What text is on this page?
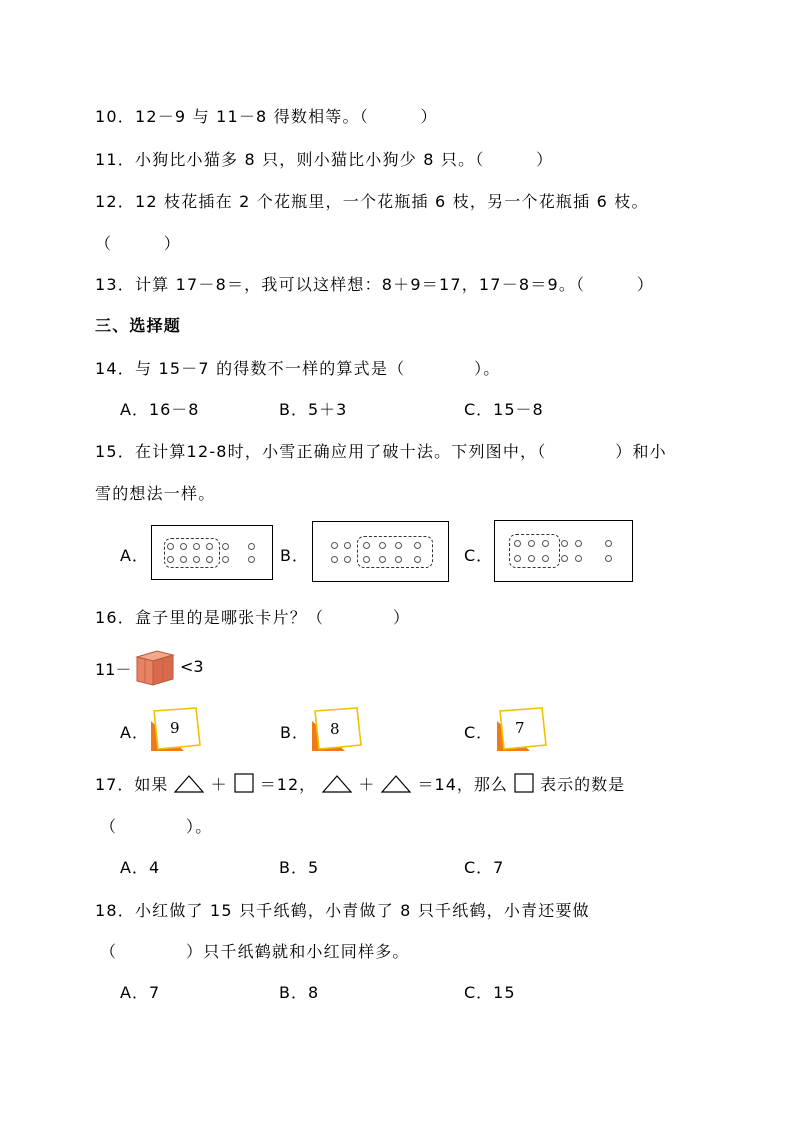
10．12－9 与 11－8 得数相等。（　　　）
11．小狗比小猫多 8 只，则小猫比小狗少 8 只。（　　　）
12．12 枝花插在 2 个花瓶里，一个花瓶插 6 枝，另一个花瓶插 6 枝。
（　　　）
13．计算 17－8＝，我可以这样想：8＋9＝17，17－8＝9。（　　　）
三、选择题
14．与 15－7 的得数不一样的算式是（　　　　）。
A．16－8	B．5＋3	C．15－8
15．在计算12-8时，小雪正确应用了破十法。下列图中，（　　　　）和小
雪的想法一样。
A．	B．	C．
16．盒子里的是哪张卡片？（　　　　）
11－	<3
A．	B．	C．
9	8	7
17．如果	＋ ＝12，	＋	＝14，那么 表示的数是
（　　　　）。
A．4	B．5	C．7
18．小红做了 15 只千纸鹤，小青做了 8 只千纸鹤，小青还要做
（　　　　）只千纸鹤就和小红同样多。
A．7	B．8	C．15
